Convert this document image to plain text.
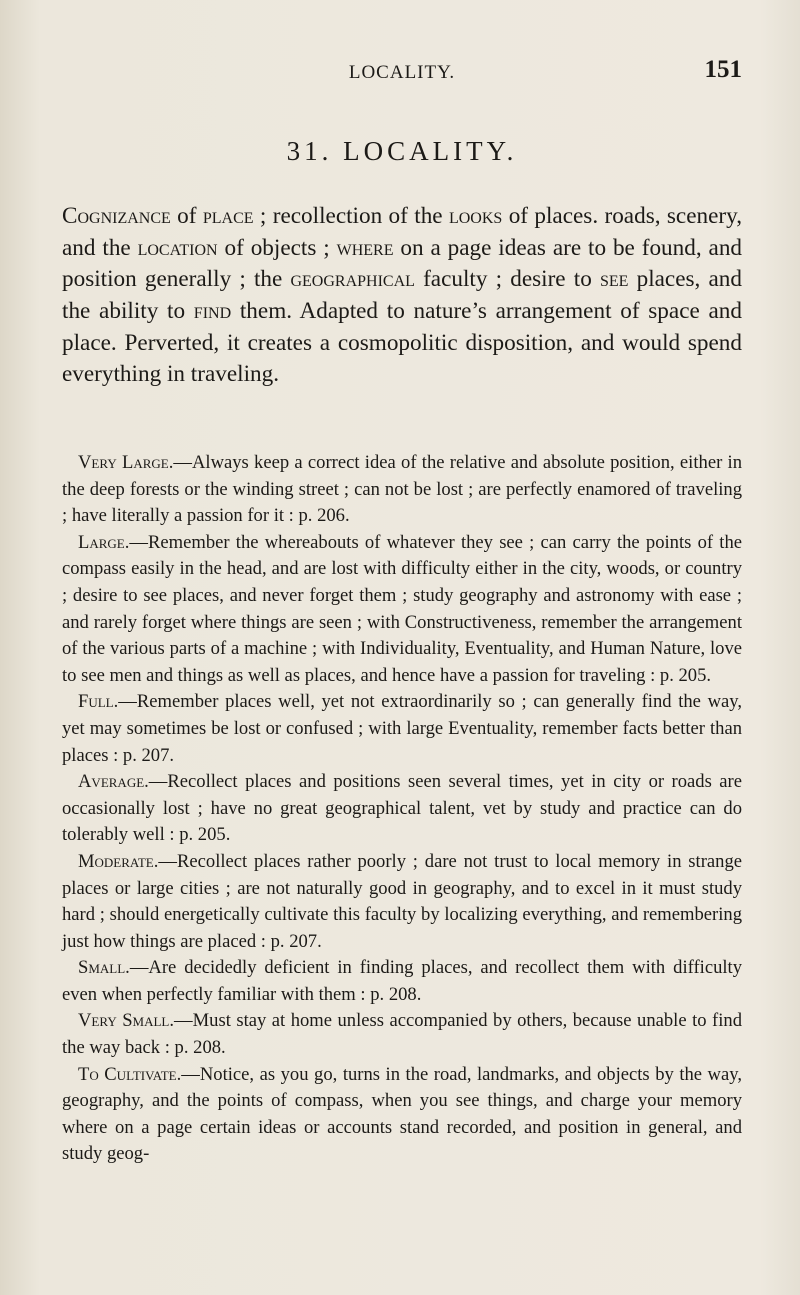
LOCALITY.	151
31. LOCALITY.

Cognizance of place ; recollection of the looks of places. roads, scenery, and the location of objects ; where on a page ideas are to be found, and position generally ; the geographical faculty ; desire to see places, and the ability to find them. Adapted to nature’s arrangement of space and place. Perverted, it creates a cosmopolitic disposition, and would spend everything in traveling.

Very Large.—Always keep a correct idea of the relative and absolute position, either in the deep forests or the winding street ; can not be lost ; are perfectly enamored of traveling ; have literally a passion for it : p. 206.

Large.—Remember the whereabouts of whatever they see ; can carry the points of the compass easily in the head, and are lost with difficulty either in the city, woods, or country ; desire to see places, and never forget them ; study geography and astronomy with ease ; and rarely forget where things are seen ; with Constructiveness, remember the arrangement of the various parts of a machine ; with Individuality, Eventuality, and Human Nature, love to see men and things as well as places, and hence have a passion for traveling : p. 205.

Full.—Remember places well, yet not extraordinarily so ; can generally find the way, yet may sometimes be lost or confused ; with large Eventuality, remember facts better than places : p. 207.

Average.—Recollect places and positions seen several times, yet in city or roads are occasionally lost ; have no great geographical talent, vet by study and practice can do tolerably well : p. 205.

Moderate.—Recollect places rather poorly ; dare not trust to local memory in strange places or large cities ; are not naturally good in geography, and to excel in it must study hard ; should energetically cultivate this faculty by localizing everything, and remembering just how things are placed : p. 207.

Small.—Are decidedly deficient in finding places, and recollect them with difficulty even when perfectly familiar with them : p. 208.

Very Small.—Must stay at home unless accompanied by others, because unable to find the way back : p. 208.

To Cultivate.—Notice, as you go, turns in the road, landmarks, and objects by the way, geography, and the points of compass, when you see things, and charge your memory where on a page certain ideas or accounts stand recorded, and position in general, and study geog-
